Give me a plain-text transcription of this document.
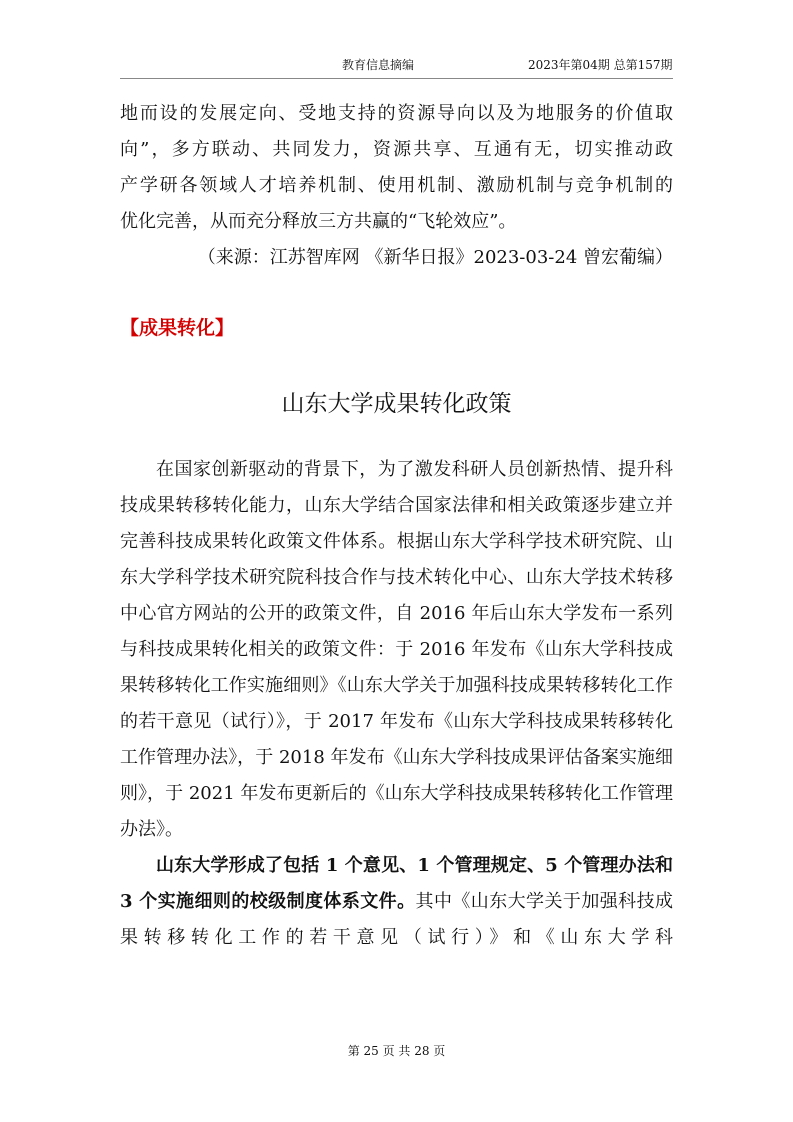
教育信息摘编	2023年第04期 总第157期

地而设的发展定向、受地支持的资源导向以及为地服务的价值取

向”，多方联动、共同发力，资源共享、互通有无，切实推动政

产学研各领域人才培养机制、使用机制、激励机制与竞争机制的

优化完善，从而充分释放三方共赢的“飞轮效应”。

（来源：江苏智库网 《新华日报》2023-03-24 曾宏葡编）

【成果转化】
山东大学成果转化政策

在国家创新驱动的背景下，为了激发科研人员创新热情、提升科技成果转移转化能力，山东大学结合国家法律和相关政策逐步建立并完善科技成果转化政策文件体系。根据山东大学科学技术研究院、山东大学科学技术研究院科技合作与技术转化中心、山东大学技术转移中心官方网站的公开的政策文件，自 2016 年后山东大学发布一系列与科技成果转化相关的政策文件：于 2016 年发布《山东大学科技成果转移转化工作实施细则》《山东大学关于加强科技成果转移转化工作的若干意见（试行）》，于 2017 年发布《山东大学科技成果转移转化工作管理办法》，于 2018 年发布《山东大学科技成果评估备案实施细则》，于 2021 年发布更新后的《山东大学科技成果转移转化工作管理办法》。

山东大学形成了包括 1 个意见、1 个管理规定、5 个管理办法和 3 个实施细则的校级制度体系文件。其中《山东大学关于加强科技成果转移转化工作的若干意见（试行）》和《山东大学科

第 25 页 共 28 页
